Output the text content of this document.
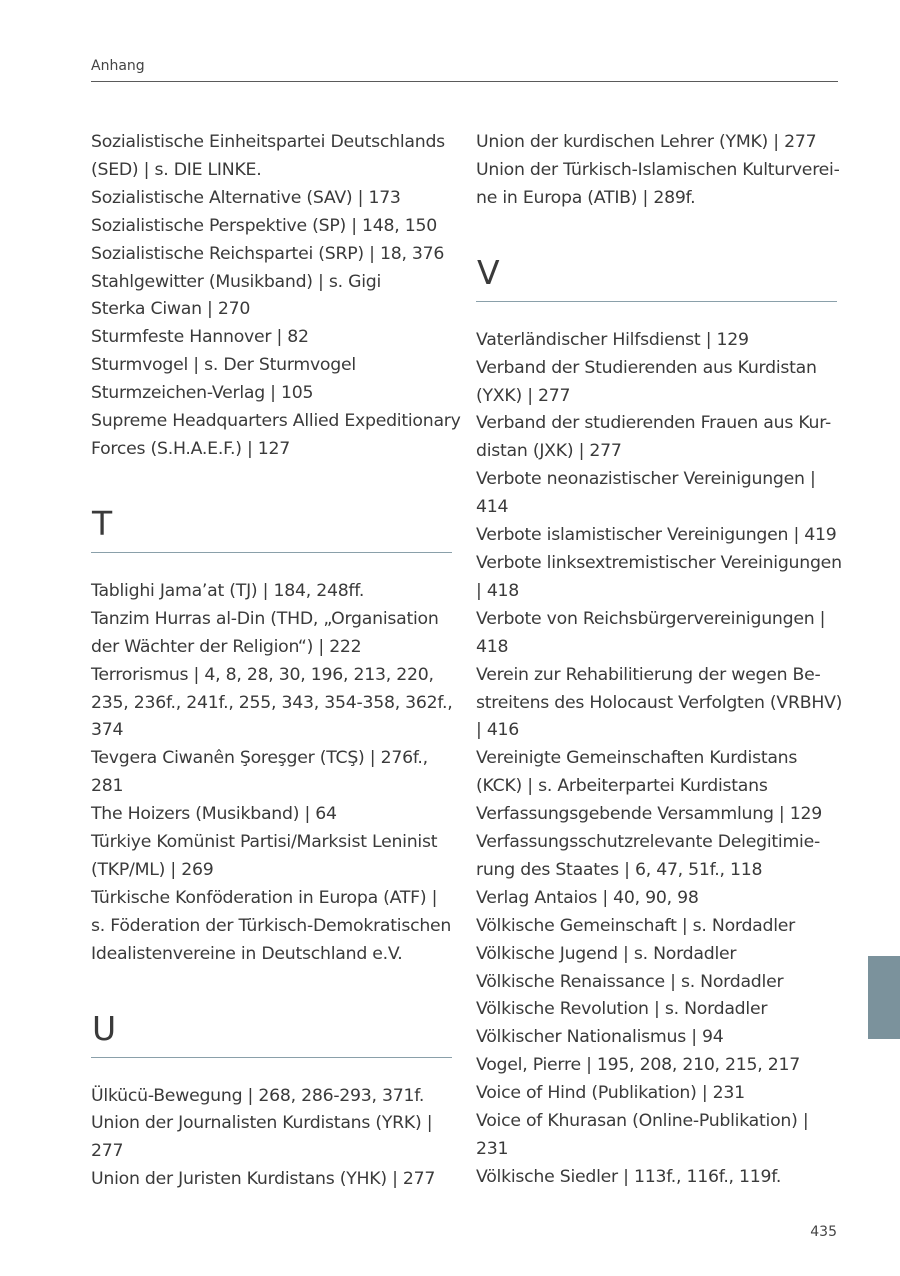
Anhang
Sozialistische Einheitspartei Deutschlands
(SED) | s. DIE LINKE.
Sozialistische Alternative (SAV) | 173
Sozialistische Perspektive (SP) | 148, 150
Sozialistische Reichspartei (SRP) | 18, 376
Stahlgewitter (Musikband) | s. Gigi
Sterka Ciwan | 270
Sturmfeste Hannover | 82
Sturmvogel | s. Der Sturmvogel
Sturmzeichen-Verlag | 105
Supreme Headquarters Allied Expeditionary
Forces (S.H.A.E.F.) | 127
T
Tablighi Jama’at (TJ) | 184, 248ff.
Tanzim Hurras al-Din (THD, „Organisation
der Wächter der Religion“) | 222
Terrorismus | 4, 8, 28, 30, 196, 213, 220,
235, 236f., 241f., 255, 343, 354-358, 362f.,
374
Tevgera Ciwanên Şoreşger (TCŞ) | 276f.,
281
The Hoizers (Musikband) | 64
Türkiye Komünist Partisi/Marksist Leninist
(TKP/ML) | 269
Türkische Konföderation in Europa (ATF) |
s. Föderation der Türkisch-Demokratischen
Idealistenvereine in Deutschland e.V.
U
Ülkücü-Bewegung | 268, 286-293, 371f.
Union der Journalisten Kurdistans (YRK) |
277
Union der Juristen Kurdistans (YHK) | 277
Union der kurdischen Lehrer (YMK) | 277
Union der Türkisch-Islamischen Kulturverei-
ne in Europa (ATIB) | 289f.
V
Vaterländischer Hilfsdienst | 129
Verband der Studierenden aus Kurdistan
(YXK) | 277
Verband der studierenden Frauen aus Kur-
distan (JXK) | 277
Verbote neonazistischer Vereinigungen |
414
Verbote islamistischer Vereinigungen | 419
Verbote linksextremistischer Vereinigungen
| 418
Verbote von Reichsbürgervereinigungen |
418
Verein zur Rehabilitierung der wegen Be-
streitens des Holocaust Verfolgten (VRBHV)
| 416
Vereinigte Gemeinschaften Kurdistans
(KCK) | s. Arbeiterpartei Kurdistans
Verfassungsgebende Versammlung | 129
Verfassungsschutzrelevante Delegitimie-
rung des Staates | 6, 47, 51f., 118
Verlag Antaios | 40, 90, 98
Völkische Gemeinschaft | s. Nordadler
Völkische Jugend | s. Nordadler
Völkische Renaissance | s. Nordadler
Völkische Revolution | s. Nordadler
Völkischer Nationalismus | 94
Vogel, Pierre | 195, 208, 210, 215, 217
Voice of Hind (Publikation) | 231
Voice of Khurasan (Online-Publikation) |
231
Völkische Siedler | 113f., 116f., 119f.
435
